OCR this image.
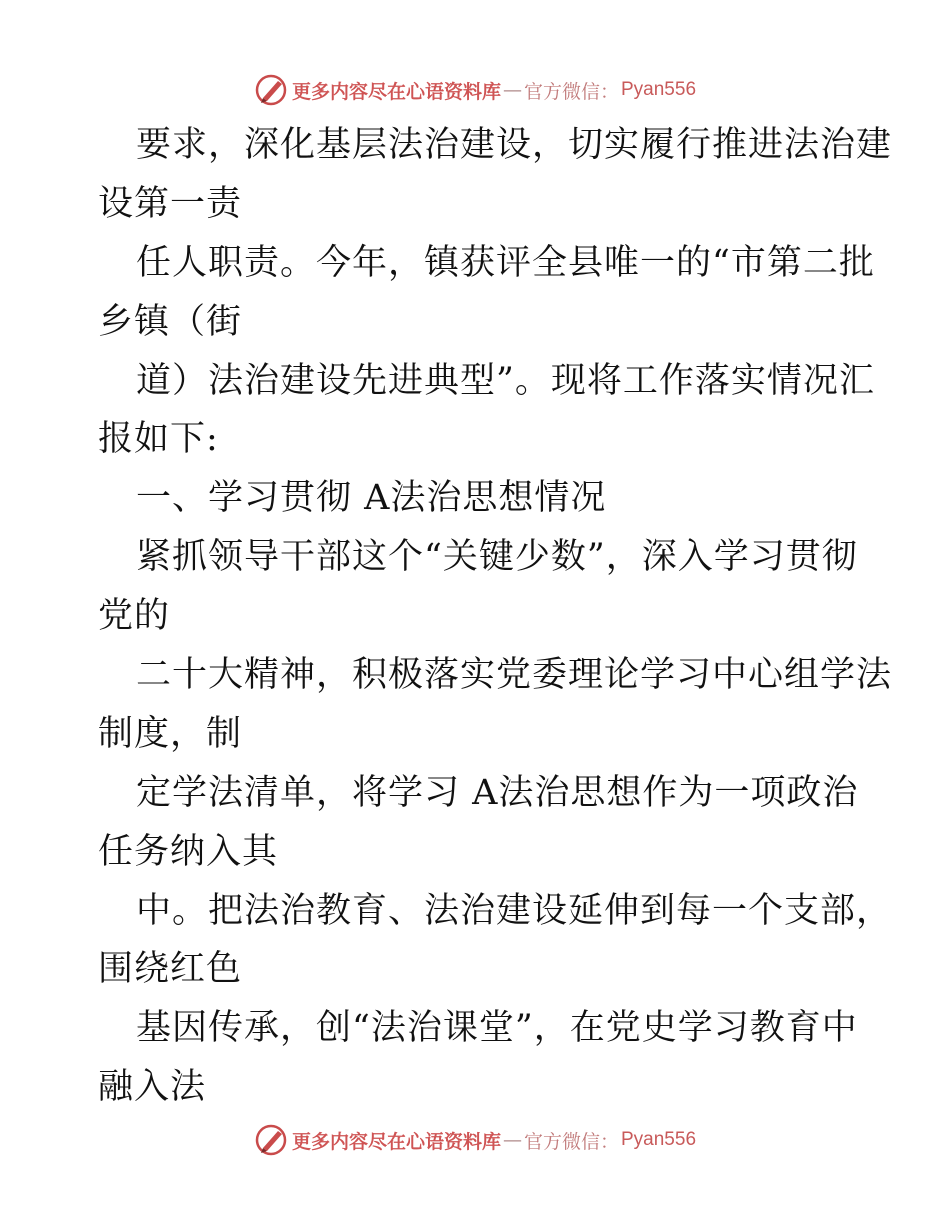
更多内容尽在心语资料库 — 官方微信： Pyan556
要求，深化基层法治建设，切实履行推进法治建
设第一责
任人职责。今年，镇获评全县唯一的“市第二批
乡镇（街
道）法治建设先进典型”。现将工作落实情况汇
报如下:
一、学习贯彻 A法治思想情况
紧抓领导干部这个“关键少数”，深入学习贯彻
党的
二十大精神，积极落实党委理论学习中心组学法
制度，制
定学法清单，将学习 A法治思想作为一项政治
任务纳入其
中。把法治教育、法治建设延伸到每一个支部，
围绕红色
基因传承，创“法治课堂”，在党史学习教育中
融入法
更多内容尽在心语资料库 — 官方微信： Pyan556
